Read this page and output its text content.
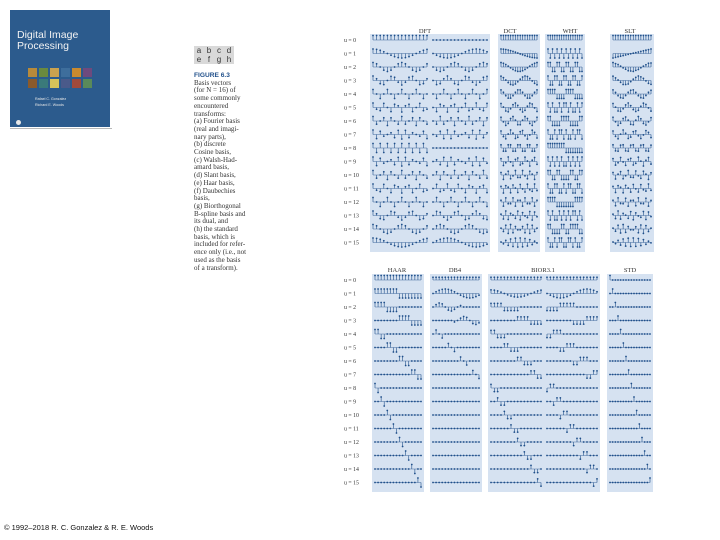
Digital Image
Processing
Rafael C. Gonzalez
Richard E. Woods
a b c d
e f g h
FIGURE 6.3
Basis vectors
(for N = 16) of
some commonly
encountered
transforms:
(a) Fourier basis
(real and imagi-
nary parts),
(b) discrete
Cosine basis,
(c) Walsh-Had-
amard basis,
(d) Slant basis,
(e) Haar basis,
(f) Daubechies
basis,
(g) Biorthogonal
B-spline basis and
its dual, and
(h) the standard
basis, which is
included for refer-
ence only (i.e., not
used as the basis
of a transform).
DFT	DCT	WHT	SLT
HAAR	DB4	BIOR3.1	STD
u = 0
u = 1
u = 2
u = 3
u = 4
u = 5
u = 6
u = 7
u = 8
u = 9
u = 10
u = 11
u = 12
u = 13
u = 14
u = 15
u = 0
u = 1
u = 2
u = 3
u = 4
u = 5
u = 6
u = 7
u = 8
u = 9
u = 10
u = 11
u = 12
u = 13
u = 14
u = 15
© 1992–2018 R. C. Gonzalez & R. E. Woods
